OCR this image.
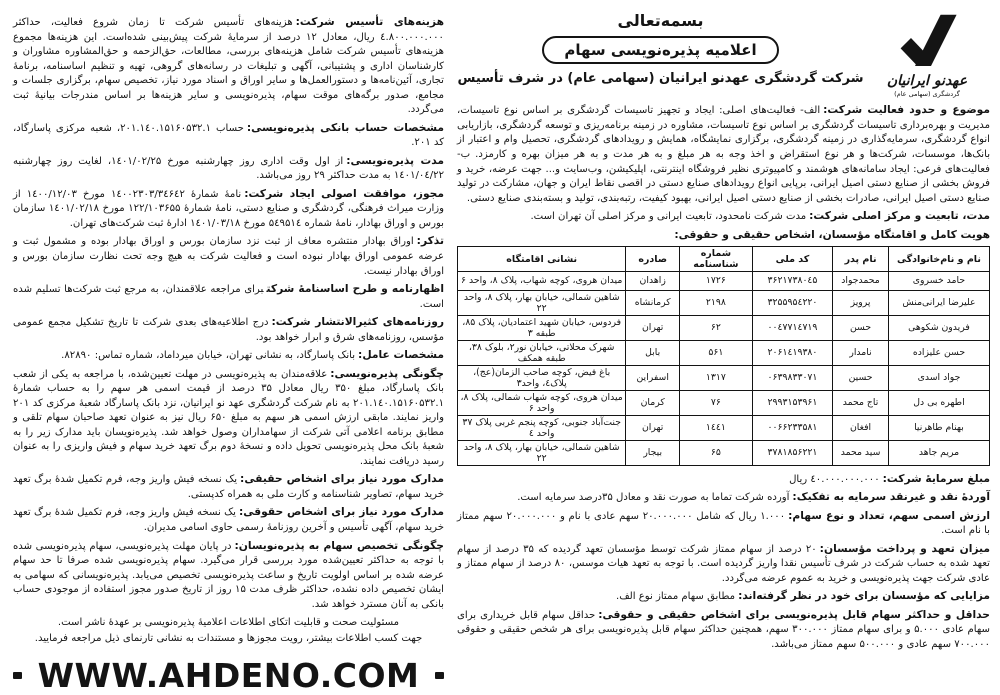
عهدنو ایرانیان
گردشگری (سهامی عام)
بسمه‌تعالی
اعلامیه پذیره‌نویسی سهام
شرکت گردشگری عهدنو ایرانیان (سهامی عام) در شرف تأسیس

موضوع و حدود فعالیت شرکت:الف- فعالیت‌های اصلی: ایجاد و تجهیز تاسیسات گردشگری بر اساس نوع تاسیسات، مدیریت و بهره‌برداری تاسیسات گردشگری بر اساس نوع تاسیسات، مشاوره در زمینه برنامه‌ریزی و توسعه گردشگری، بازاریابی انواع گردشگری، سرمایه‌گذاری در زمینه گردشگری، برگزاری نمایشگاه، همایش و رویدادهای گردشگری، تحصیل وام و اعتبار از بانک‌ها، موسسات، شرکت‌ها و هر نوع استقراض و اخذ وجه به هر مبلغ و به هر مدت و به هر میزان بهره و کارمزد. ب- فعالیت‌های فرعی: ایجاد سامانه‌های هوشمند و کامپیوتری نظیر فروشگاه اینترنتی، اپلیکیشن، وب‌سایت و... جهت عرضه، خرید و فروش بخشی از صنایع دستی اصیل ایرانی، برپایی انواع رویدادهای صنایع دستی در اقصی نقاط ایران و جهان، مشارکت در تولید صنایع دستی اصیل ایرانی، صادرات بخشی از صنایع دستی اصیل ایرانی، بهبود کیفیت، رتبه‌بندی، تولید و بسته‌بندی صنایع دستی.

مدت، تابعیت و مرکز اصلی شرکت:مدت شرکت نامحدود، تابعیت ایرانی و مرکز اصلی آن تهران است.

هویت کامل و اقامتگاه مؤسسان، اشخاص حقیقی و حقوقی:

نام و نام‌خانوادگی	نام پدر	کد ملی	شماره شناسنامه	صادره	نشانی اقامتگاه
حامد خسروی	محمدجواد	۳۶۲۱۷۳۸۰٤۵	۱۷۲۶	زاهدان	میدان هروی، کوچه شهاب، پلاک ۸، واحد ۶
علیرضا ایرانی‌منش	پرویز	۳۲۵۵۹۵٤۲۲۰	۲۱۹۸	کرمانشاه	شاهین شمالی، خیابان بهار، پلاک ۸، واحد ۲۲
فریدون شکوهی	حسن	۰۰٤۷۷۱٤۷۱۹	۶۲	تهران	فردوس، خیابان شهید اعتمادیان، پلاک ۸۵، طبقه ۳
حسن علیزاده	نامدار	۲۰۶۱٤۱۹۳۸۰	۵۶۱	بابل	شهرک محلاتی، خیابان نور۲، بلوک ۳۸، طبقه همکف
جواد اسدی	حسین	۰۶۳۹۸۳۳۰۷۱	۱۳۱۷	اسفراین	باغ فیض، کوچه صاحب الزمان(عج)، پلاک٤، واحد۳
اطهره بی دل	تاج محمد	۲۹۹۳۱۵۳۹۶۱	۷۶	کرمان	میدان هروی، کوچه شهاب شمالی، پلاک ۸، واحد ۶
بهنام طاهرنیا	افغان	۰۰۶۶۲۳۳۵۸۱	۱٤٤۱	تهران	جنت‌آباد جنوبی، کوچه پنجم غربی پلاک ۳۷ واحد ٤
مریم جاهد	سید محمد	۳۷۸۱۸۵۶۲۲۱	۶۵	بیجار	شاهین شمالی، خیابان بهار، پلاک ۸، واحد ۲۲

مبلغ سرمایهٔ شرکت:٤۰.۰۰۰.۰۰۰.۰۰۰ ریال

آوردهٔ نقد و غیرنقد سرمایه به تفکیک:آورده شرکت تماما به صورت نقد و معادل ۳۵درصد سرمایه است.

ارزش اسمی سهم، تعداد و نوع سهام:۱.۰۰۰ ریال که شامل ۲۰.۰۰۰.۰۰۰ سهم عادی با نام و ۲۰.۰۰۰.۰۰۰ سهم ممتاز با نام است.

میزان تعهد و پرداخت مؤسسان:۲۰ درصد از سهام ممتاز شرکت توسط مؤسسان تعهد گردیده که ۳۵ درصد از سهام تعهد شده به حساب شرکت در شرف تأسیس نقدا واریز گردیده است. با توجه به تعهد هیات موسس، ۸۰ درصد از سهام ممتاز و عادی شرکت جهت پذیره‌نویسی و خرید به عموم عرضه می‌گردد.

مزایایی که مؤسسان برای خود در نظر گرفته‌اند:مطابق سهام ممتاز نوع الف.

حداقل و حداکثر سهام قابل پذیره‌نویسی برای اشخاص حقیقی و حقوقی:حداقل سهام قابل خریداری برای سهام عادی ۵.۰۰۰ و برای سهام ممتاز ۳۰۰.۰۰۰ سهم، همچنین حداکثر سهام قابل پذیره‌نویسی برای هر شخص حقیقی و حقوقی ۷۰۰.۰۰۰ سهم عادی و ۵۰۰.۰۰۰ سهم ممتاز می‌باشد.

هزینه‌های تأسیس شرکت:هزینه‌های تأسیس شرکت تا زمان شروع فعالیت، حداکثر ٤.۸۰۰.۰۰۰.۰۰۰ ریال، معادل ۱۲ درصد از سرمایهٔ شرکت پیش‌بینی شده‌است. این هزینه‌ها مجموع هزینه‌های تأسیس شرکت شامل هزینه‌های بررسی، مطالعات، حق‌الزحمه و حق‌المشاوره مشاوران و کارشناسان اداری و پشتیبانی، آگهی و تبلیغات در رسانه‌های گروهی، تهیه و تنظیم اساسنامه، برنامهٔ تجاری، آئین‌نامه‌ها و دستورالعمل‌ها و سایر اوراق و اسناد مورد نیاز، تخصیص سهام، برگزاری جلسات و مجامع، صدور برگه‌های موقت سهام، پذیره‌نویسی و سایر هزینه‌ها بر اساس مندرجات بیانیهٔ ثبت می‌گردد.

مشخصات حساب بانکی پذیره‌نویسی:حساب ۲۰۱.۱٤۰.۱۵۱۶۰۵۳۲.۱، شعبه مرکزی پاسارگاد، کد ۲۰۱.

مدت پذیره‌نویسی:از اول وقت اداری روز چهارشنبه مورخ ۱٤۰۱/۰۲/۲۵، لغایت روز چهارشنبه ۱٤۰۱/۰٤/۲۲ به مدت حداکثر ۲۹ روز می‌باشد.

مجوز، موافقت اصولی ایجاد شرکت:نامهٔ شمارهٔ ۱٤۰۰۲۳۰۳/۳٤۶٤۲ مورخ ۱٤۰۰/۱۲/۰۳ از وزارت میراث فرهنگی، گردشگری و صنایع دستی، نامهٔ شمارهٔ ۱۲۲/۱۰۳۶۵۵ مورخ ۱٤۰۱/۰۲/۱۸ سازمان بورس و اوراق بهادار، نامهٔ شماره ۵٤۹۵۱٤ مورخ ۱٤۰۱/۰۳/۱۸ ادارهٔ ثبت شرکت‌های تهران.

تذکر:اوراق بهادار منتشره معاف از ثبت نزد سازمان بورس و اوراق بهادار بوده و مشمول ثبت و عرضه عمومی اوراق بهادار نبوده است و فعالیت شرکت به هیچ وجه تحت نظارت سازمان بورس و اوراق بهادار نیست.

اظهارنامه و طرح اساسنامهٔ شرکتبرای مراجعه علاقمندان، به مرجع ثبت شرکت‌ها تسلیم شده است.

روزنامه‌های کثیرالانتشار شرکت:درج اطلاعیه‌های بعدی شرکت تا تاریخ تشکیل مجمع عمومی مؤسس، روزنامه‌های شرق و ابرار خواهد بود.

مشخصات عامل:بانک پاسارگاد، به نشانی تهران، خیابان میرداماد، شماره تماس: ۸۲۸۹۰.

چگونگی پذیره‌نویسی:علاقه‌مندان به پذیره‌نویسی در مهلت تعیین‌شده، با مراجعه به یکی از شعب بانک پاسارگاد، مبلغ ۳۵۰ ریال معادل ۳۵ درصد از قیمت اسمی هر سهم را به حساب شمارهٔ ۲۰۱.۱٤۰.۱۵۱۶۰۵۳۲.۱ به نام شرکت گردشگری عهد نو ایرانیان، نزد بانک پاسارگاد شعبهٔ مرکزی کد ۲۰۱ واریز نمایند. مابقی ارزش اسمی هر سهم به مبلغ ۶۵۰ ریال نیز به عنوان تعهد صاحبان سهام تلقی و مطابق برنامه اعلامی آتی شرکت از سهامداران وصول خواهد شد. پذیره‌نویسان باید مدارک زیر را به شعبهٔ بانک محل پذیره‌نویسی تحویل داده و نسخهٔ دوم برگ تعهد خرید سهام و فیش واریزی را به عنوان رسید دریافت نمایند.

مدارک مورد نیاز برای اشخاص حقیقی:یک نسخه فیش واریز وجه، فرم تکمیل شدهٔ برگ تعهد خرید سهام، تصاویر شناسنامه و کارت ملی به همراه کدپستی.

مدارک مورد نیاز برای اشخاص حقوقی:یک نسخه فیش واریز وجه، فرم تکمیل شدهٔ برگ تعهد خرید سهام، آگهی تأسیس و آخرین روزنامهٔ رسمی حاوی اسامی مدیران.

چگونگی تخصیص سهام به پذیره‌نویسان:در پایان مهلت پذیره‌نویسی، سهام پذیره‌نویسی شده با توجه به حداکثر تعیین‌شده مورد بررسی قرار می‌گیرد. سهام پذیره‌نویسی شده صرفا تا حد سهام عرضه شده بر اساس اولویت تاریخ و ساعت پذیره‌نویسی تخصیص می‌یابد. پذیره‌نویسانی که سهامی به ایشان تخصیص داده نشده، حداکثر ظرف مدت ۱۵ روز از تاریخ صدور مجوز استفاده از موجودی حساب بانکی به آنان مسترد خواهد شد.

مسئولیت صحت و قابلیت اتکای اطلاعات اعلامیهٔ پذیره‌نویسی بر عهدهٔ ناشر است.

جهت کسب اطلاعات بیشتر، رویت مجوزها و مستندات به نشانی تارنمای ذیل مراجعه فرمایید.

WWW.AHDENO.COM
